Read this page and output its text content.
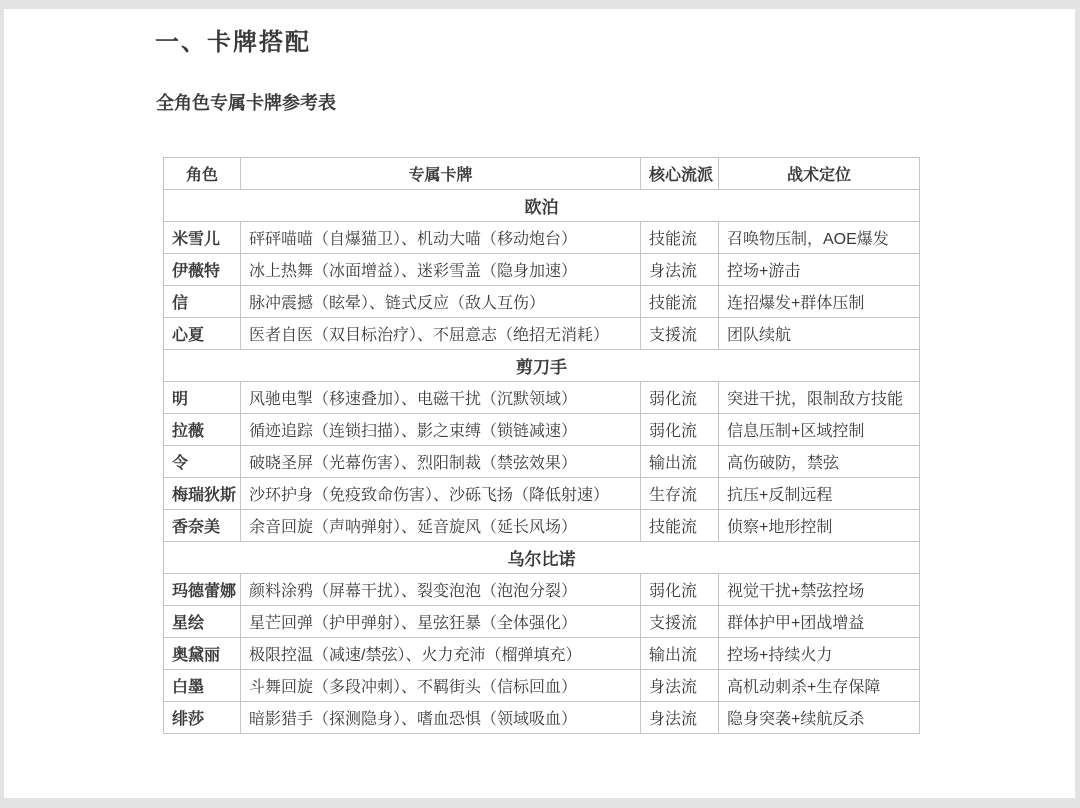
一、卡牌搭配
全角色专属卡牌参考表
角色	专属卡牌	核心流派	战术定位
欧泊			
米雪儿	砰砰喵喵（自爆猫卫）、机动大喵（移动炮台）	技能流	召唤物压制，AOE爆发
伊薇特	冰上热舞（冰面增益）、迷彩雪盖（隐身加速）	身法流	控场+游击
信	脉冲震撼（眩晕）、链式反应（敌人互伤）	技能流	连招爆发+群体压制
心夏	医者自医（双目标治疗）、不屈意志（绝招无消耗）	支援流	团队续航
剪刀手			
明	风驰电掣（移速叠加）、电磁干扰（沉默领域）	弱化流	突进干扰，限制敌方技能
拉薇	循迹追踪（连锁扫描）、影之束缚（锁链减速）	弱化流	信息压制+区域控制
令	破晓圣屏（光幕伤害）、烈阳制裁（禁弦效果）	输出流	高伤破防，禁弦
梅瑞狄斯	沙环护身（免疫致命伤害）、沙砾飞扬（降低射速）	生存流	抗压+反制远程
香奈美	余音回旋（声呐弹射）、延音旋风（延长风场）	技能流	侦察+地形控制
乌尔比诺			
玛德蕾娜	颜料涂鸦（屏幕干扰）、裂变泡泡（泡泡分裂）	弱化流	视觉干扰+禁弦控场
星绘	星芒回弹（护甲弹射）、星弦狂暴（全体强化）	支援流	群体护甲+团战增益
奥黛丽	极限控温（减速/禁弦）、火力充沛（榴弹填充）	输出流	控场+持续火力
白墨	斗舞回旋（多段冲刺）、不羁街头（信标回血）	身法流	高机动刺杀+生存保障
绯莎	暗影猎手（探测隐身）、嗜血恐惧（领域吸血）	身法流	隐身突袭+续航反杀
